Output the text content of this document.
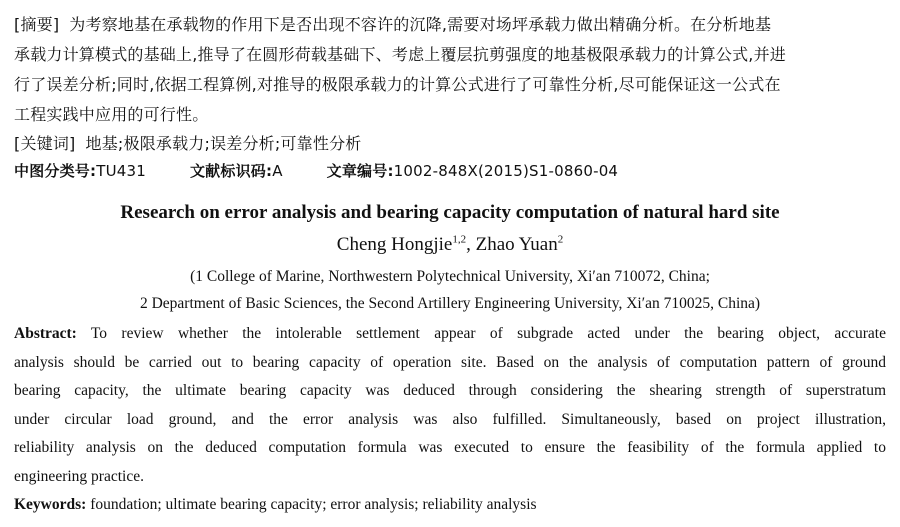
[摘要] 为考察地基在承载物的作用下是否出现不容许的沉降,需要对场坪承载力做出精确分析。在分析地基
承载力计算模式的基础上,推导了在圆形荷载基础下、考虑上覆层抗剪强度的地基极限承载力的计算公式,并进
行了误差分析;同时,依据工程算例,对推导的极限承载力的计算公式进行了可靠性分析,尽可能保证这一公式在
工程实践中应用的可行性。
[关键词] 地基;极限承载力;误差分析;可靠性分析
中图分类号:TU431	文献标识码:A	文章编号:1002-848X(2015)S1-0860-04
Research on error analysis and bearing capacity computation of natural hard site
Cheng Hongjie$^{1,2}$, Zhao Yuan$^2$
(1 College of Marine, Northwestern Polytechnical University, Xi′an 710072, China;
2 Department of Basic Sciences, the Second Artillery Engineering University, Xi′an 710025, China)
Abstract: To review whether the intolerable settlement appear of subgrade acted under the bearing object, accurate
analysis should be carried out to bearing capacity of operation site. Based on the analysis of computation pattern of ground
bearing capacity, the ultimate bearing capacity was deduced through considering the shearing strength of superstratum
under circular load ground, and the error analysis was also fulfilled. Simultaneously, based on project illustration,
reliability analysis on the deduced computation formula was executed to ensure the feasibility of the formula applied to
engineering practice.
Keywords: foundation; ultimate bearing capacity; error analysis; reliability analysis
